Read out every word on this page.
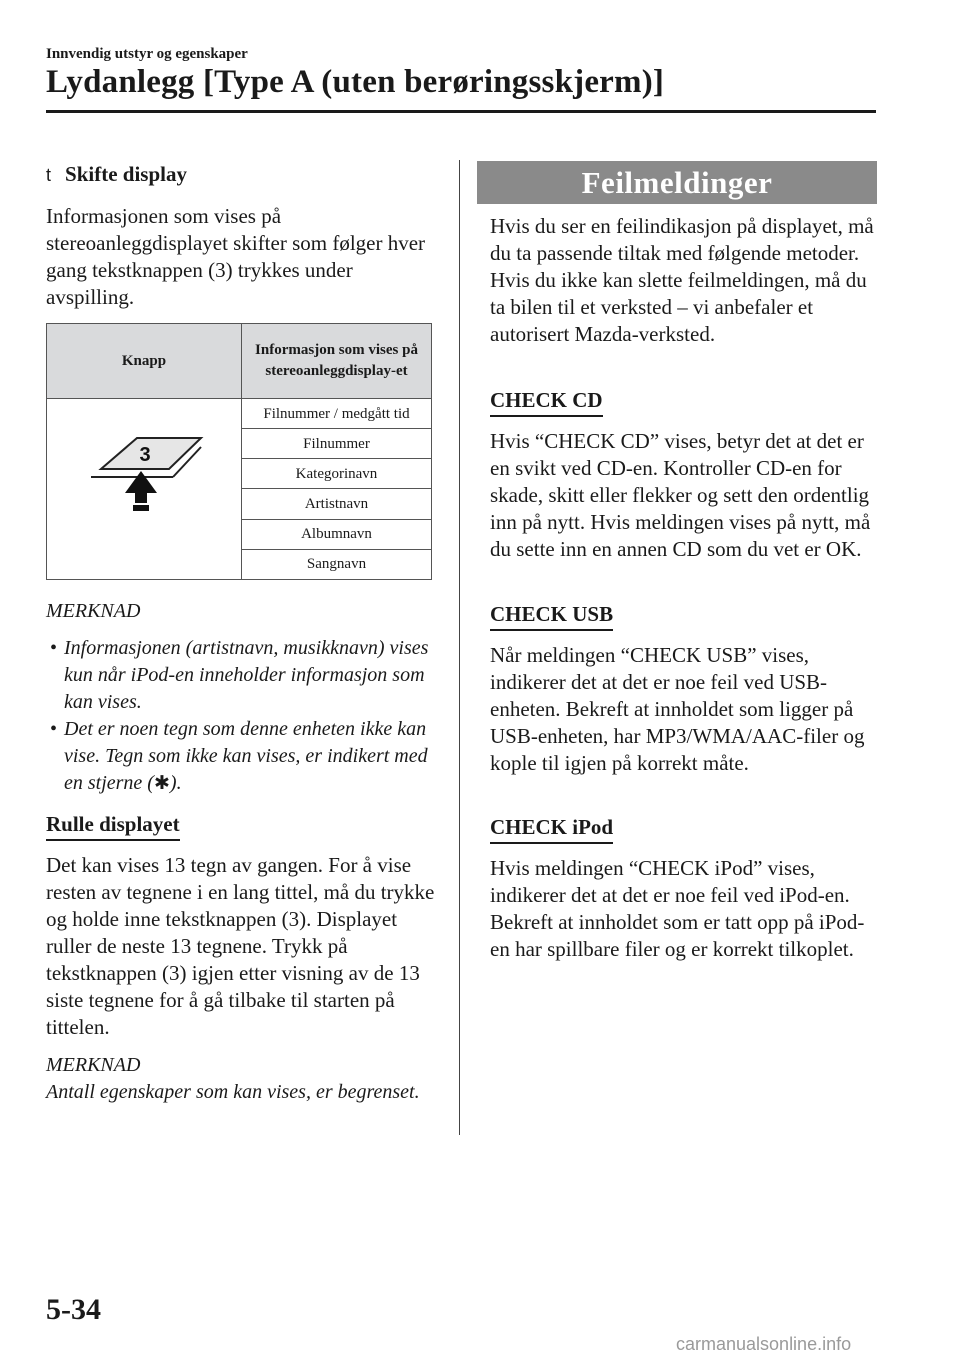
Innvendig utstyr og egenskaper
Lydanlegg [Type A (uten berøringsskjerm)]
t Skifte display
Informasjonen som vises på stereoanleggdisplayet skifter som følger hver gang tekstknappen (3) trykkes under avspilling.
Knapp	Informasjon som vises på stereoanleggdisplay-et

3	Filnummer / medgått tid
	Filnummer
	Kategorinavn
	Artistnavn
	Albumnavn
	Sangnavn
MERKNAD
• Informasjonen (artistnavn, musikknavn) vises kun når iPod-en inneholder informasjon som kan vises.
• Det er noen tegn som denne enheten ikke kan vise. Tegn som ikke kan vises, er indikert med en stjerne (✱).
Rulle displayet
Det kan vises 13 tegn av gangen. For å vise resten av tegnene i en lang tittel, må du trykke og holde inne tekstknappen (3). Displayet ruller de neste 13 tegnene. Trykk på tekstknappen (3) igjen etter visning av de 13 siste tegnene for å gå tilbake til starten på tittelen.
MERKNAD
Antall egenskaper som kan vises, er begrenset.
Feilmeldinger
Hvis du ser en feilindikasjon på displayet, må du ta passende tiltak med følgende metoder. Hvis du ikke kan slette feilmeldingen, må du ta bilen til et verksted – vi anbefaler et autorisert Mazda-verksted.
CHECK CD
Hvis “CHECK CD” vises, betyr det at det er en svikt ved CD-en. Kontroller CD-en for skade, skitt eller flekker og sett den ordentlig inn på nytt. Hvis meldingen vises på nytt, må du sette inn en annen CD som du vet er OK.
CHECK USB
Når meldingen “CHECK USB” vises, indikerer det at det er noe feil ved USB-enheten. Bekreft at innholdet som ligger på USB-enheten, har MP3/WMA/AAC-filer og kople til igjen på korrekt måte.
CHECK iPod
Hvis meldingen “CHECK iPod” vises, indikerer det at det er noe feil ved iPod-en. Bekreft at innholdet som er tatt opp på iPod-en har spillbare filer og er korrekt tilkoplet.
5-34
carmanualsonline.info
